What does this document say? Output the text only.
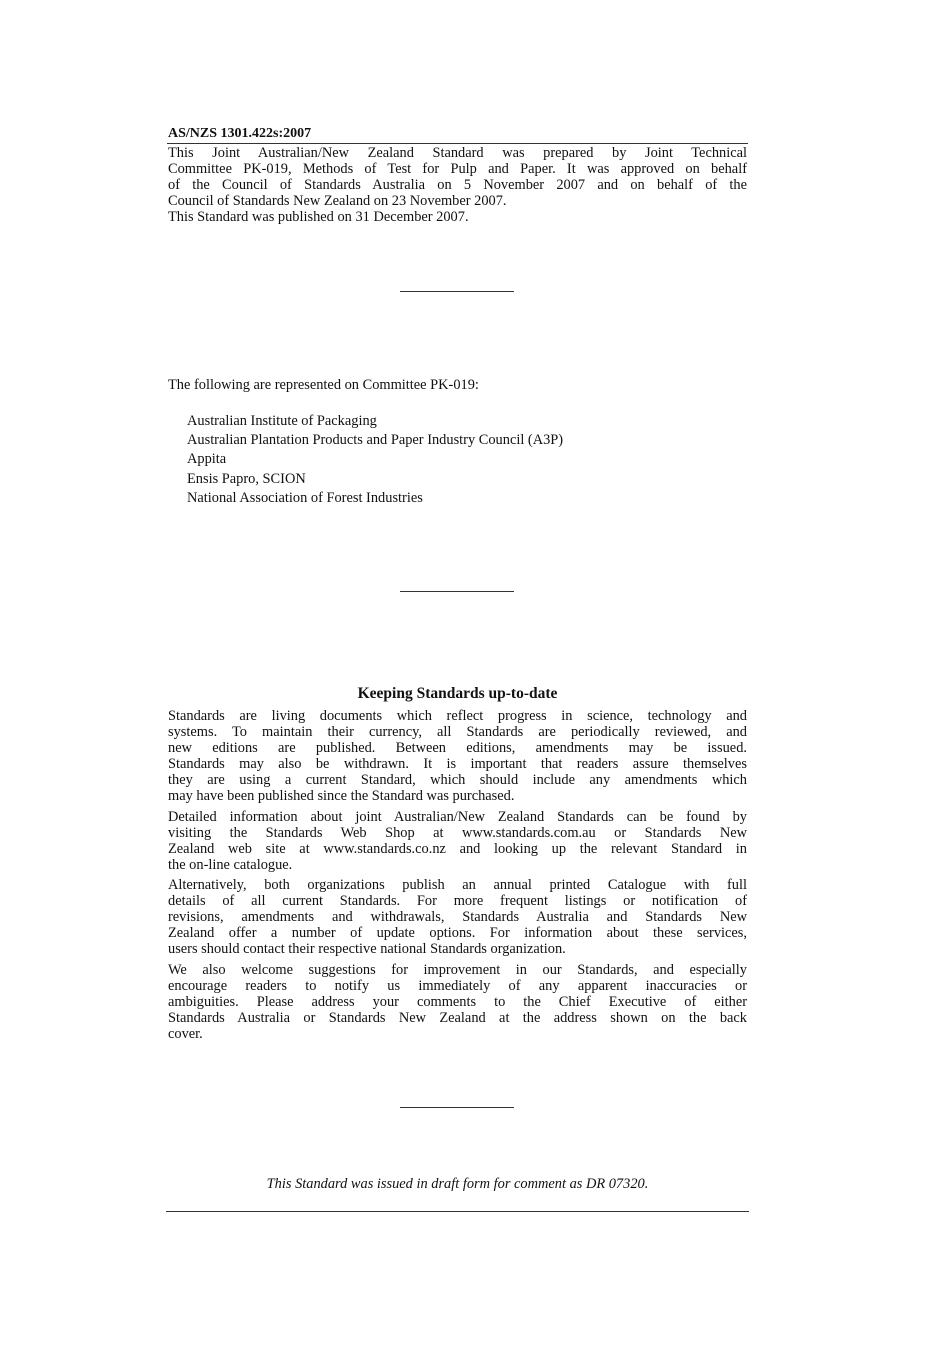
AS/NZS 1301.422s:2007
This Joint Australian/New Zealand Standard was prepared by Joint Technical
Committee PK-019, Methods of Test for Pulp and Paper. It was approved on behalf
of the Council of Standards Australia on 5 November 2007 and on behalf of the
Council of Standards New Zealand on 23 November 2007.
This Standard was published on 31 December 2007.
The following are represented on Committee PK-019:
Australian Institute of Packaging
Australian Plantation Products and Paper Industry Council (A3P)
Appita
Ensis Papro, SCION
National Association of Forest Industries
Keeping Standards up-to-date
Standards are living documents which reflect progress in science, technology and
systems. To maintain their currency, all Standards are periodically reviewed, and
new editions are published. Between editions, amendments may be issued.
Standards may also be withdrawn. It is important that readers assure themselves
they are using a current Standard, which should include any amendments which
may have been published since the Standard was purchased.
Detailed information about joint Australian/New Zealand Standards can be found by
visiting the Standards Web Shop at www.standards.com.au or Standards New
Zealand web site at www.standards.co.nz and looking up the relevant Standard in
the on-line catalogue.
Alternatively, both organizations publish an annual printed Catalogue with full
details of all current Standards. For more frequent listings or notification of
revisions, amendments and withdrawals, Standards Australia and Standards New
Zealand offer a number of update options. For information about these services,
users should contact their respective national Standards organization.
We also welcome suggestions for improvement in our Standards, and especially
encourage readers to notify us immediately of any apparent inaccuracies or
ambiguities. Please address your comments to the Chief Executive of either
Standards Australia or Standards New Zealand at the address shown on the back
cover.
This Standard was issued in draft form for comment as DR 07320.
